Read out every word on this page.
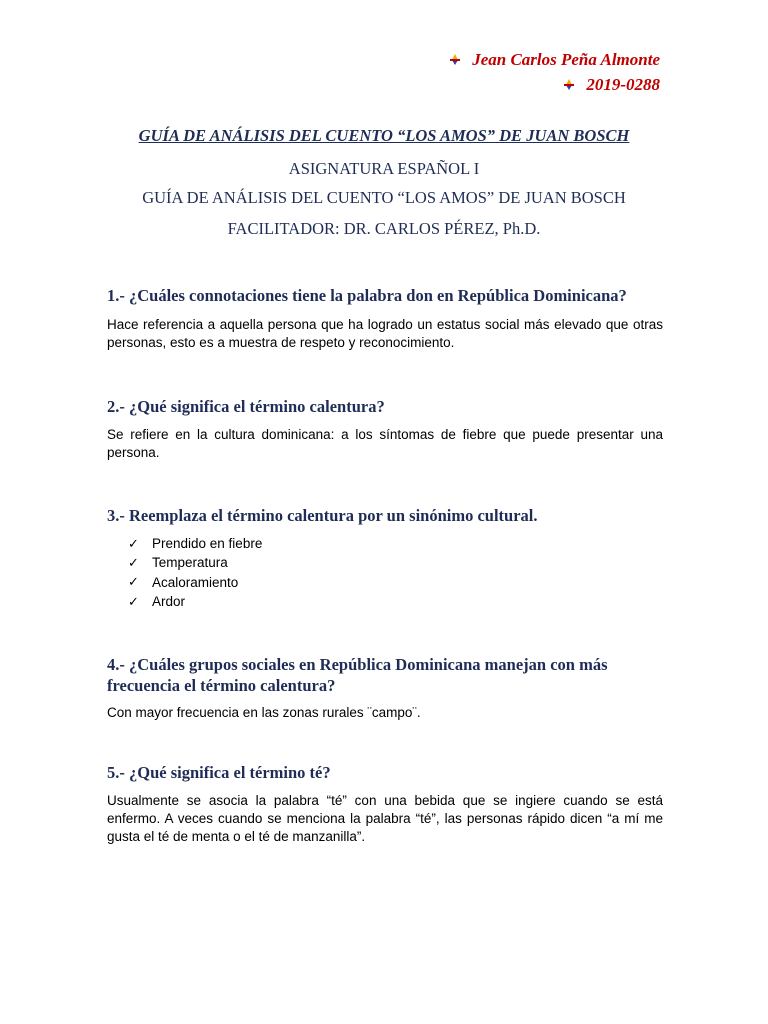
Jean Carlos Peña Almonte
2019-0288
GUÍA DE ANÁLISIS DEL CUENTO “LOS AMOS” DE JUAN BOSCH
ASIGNATURA ESPAÑOL I
GUÍA DE ANÁLISIS DEL CUENTO “LOS AMOS” DE JUAN BOSCH
FACILITADOR: DR. CARLOS PÉREZ, Ph.D.
1.- ¿Cuáles connotaciones tiene la palabra don en República Dominicana?
Hace referencia a aquella persona que ha logrado un estatus social más elevado que otras personas, esto es a muestra de respeto y reconocimiento.
2.- ¿Qué significa el término calentura?
Se refiere en la cultura dominicana: a los síntomas de fiebre que puede presentar una persona.
3.- Reemplaza el término calentura por un sinónimo cultural.
✓ Prendido en fiebre
✓ Temperatura
✓ Acaloramiento
✓ Ardor
4.- ¿Cuáles grupos sociales en República Dominicana manejan con más frecuencia el término calentura?
Con mayor frecuencia en las zonas rurales ¨campo¨.
5.- ¿Qué significa el término té?
Usualmente se asocia la palabra “té” con una bebida que se ingiere cuando se está enfermo. A veces cuando se menciona la palabra “té”, las personas rápido dicen “a mí me gusta el té de menta o el té de manzanilla”.
